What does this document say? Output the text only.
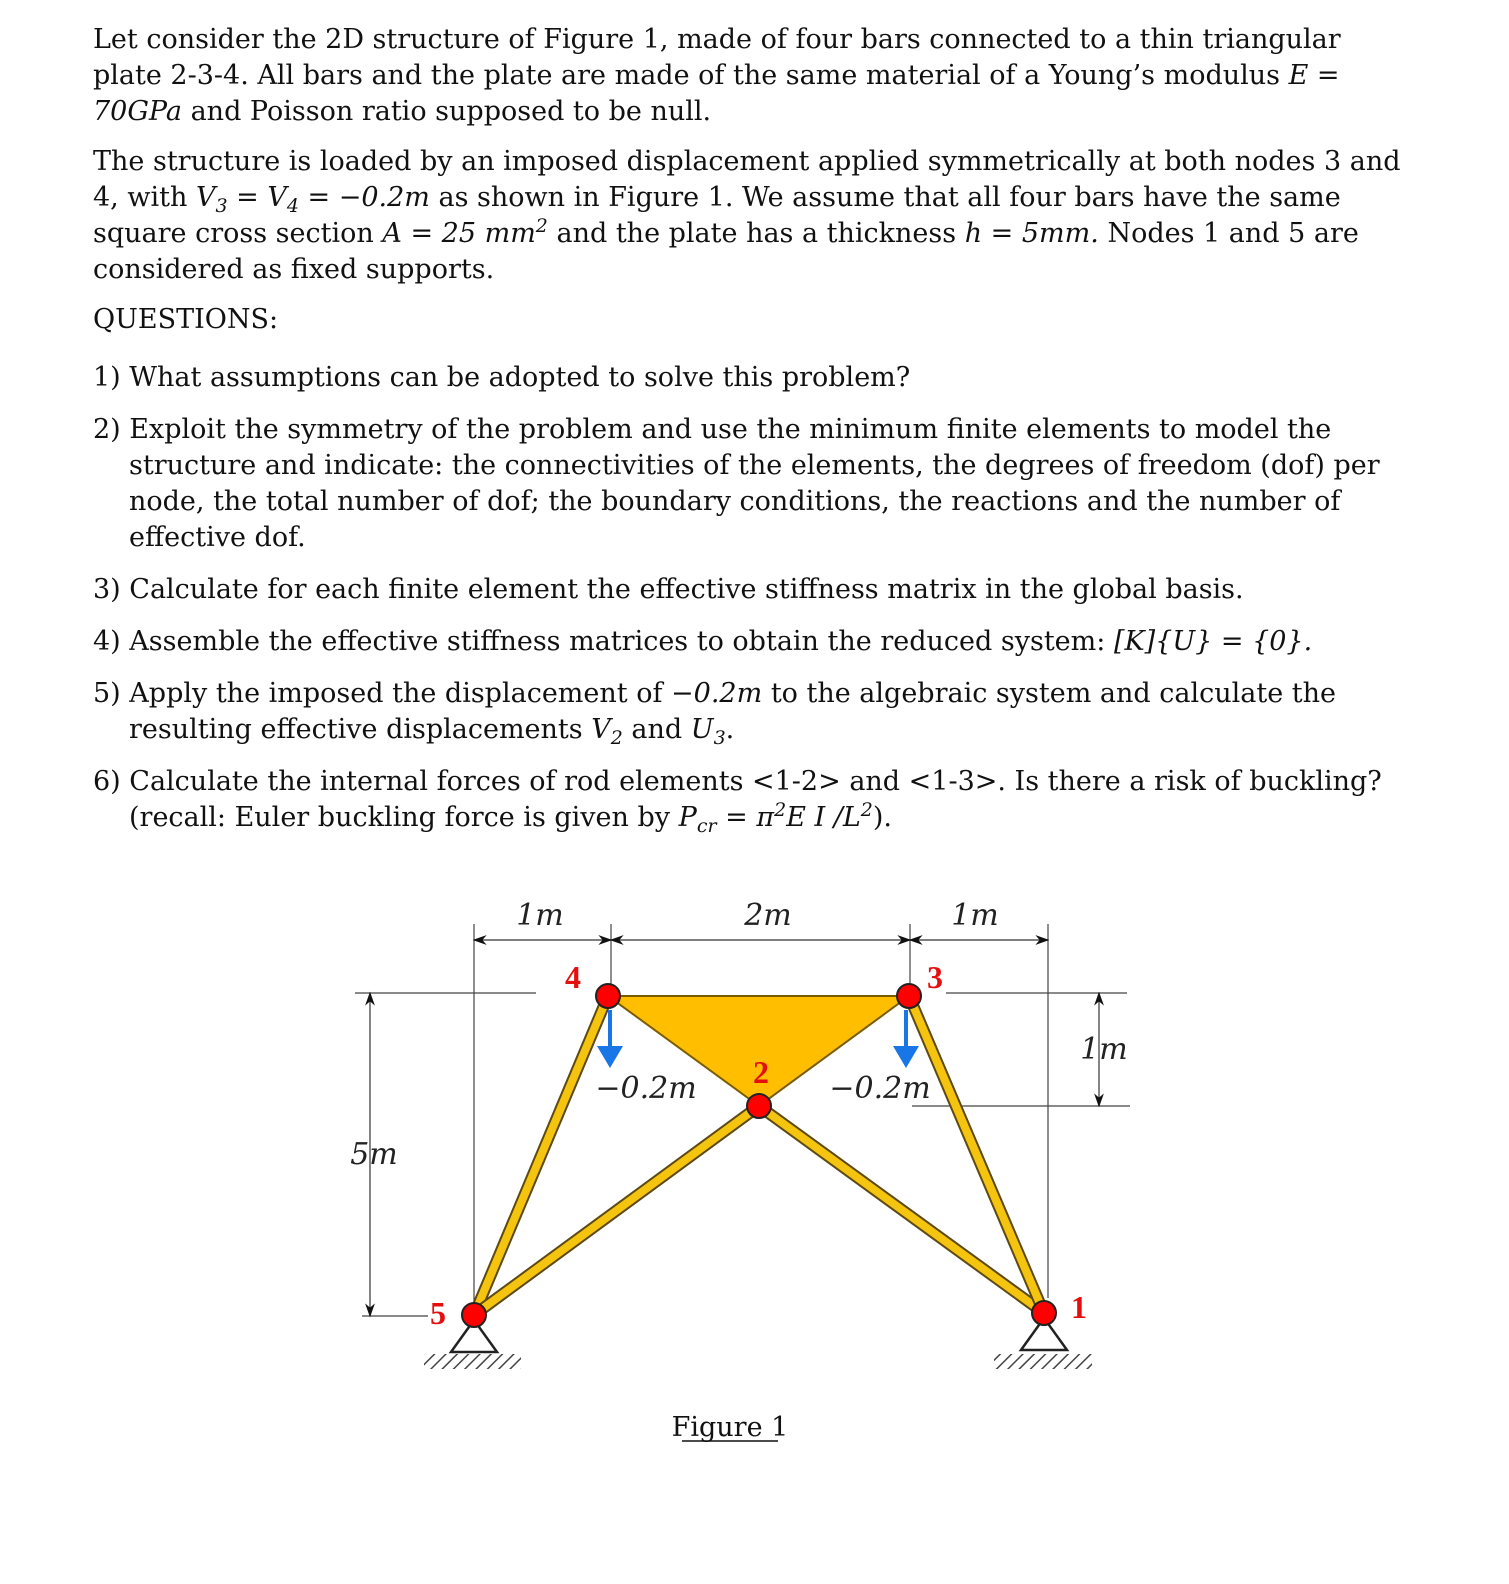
Let consider the 2D structure of Figure 1, made of four bars connected to a thin triangular plate 2-3-4. All bars and the plate are made of the same material of a Young’s modulus E = 70GPa and Poisson ratio supposed to be null.

The structure is loaded by an imposed displacement applied symmetrically at both nodes 3 and 4, with $V_3 = V_4 = -0.2m$ as shown in Figure 1. We assume that all four bars have the same square cross section A = 25 $mm^2$ and the plate has a thickness h = 5mm. Nodes 1 and 5 are considered as fixed supports.

QUESTIONS:

1) What assumptions can be adopted to solve this problem?

2) Exploit the symmetry of the problem and use the minimum finite elements to model the structure and indicate: the connectivities of the elements, the degrees of freedom (dof) per node, the total number of dof; the boundary conditions, the reactions and the number of effective dof.

3) Calculate for each finite element the effective stiffness matrix in the global basis.

4) Assemble the effective stiffness matrices to obtain the reduced system: [K]{U} = {0}.

5) Apply the imposed the displacement of −0.2m to the algebraic system and calculate the resulting effective displacements $V_2$ and $U_3$.

6) Calculate the internal forces of rod elements <1-2> and <1-3>. Is there a risk of buckling? (recall: Euler buckling force is given by $P_{cr} = \pi^2E$ I $/L^2$).

1m	2m	1m
5m
1m
−0.2m	−0.2m
1
2
3
4
5
Figure 1
